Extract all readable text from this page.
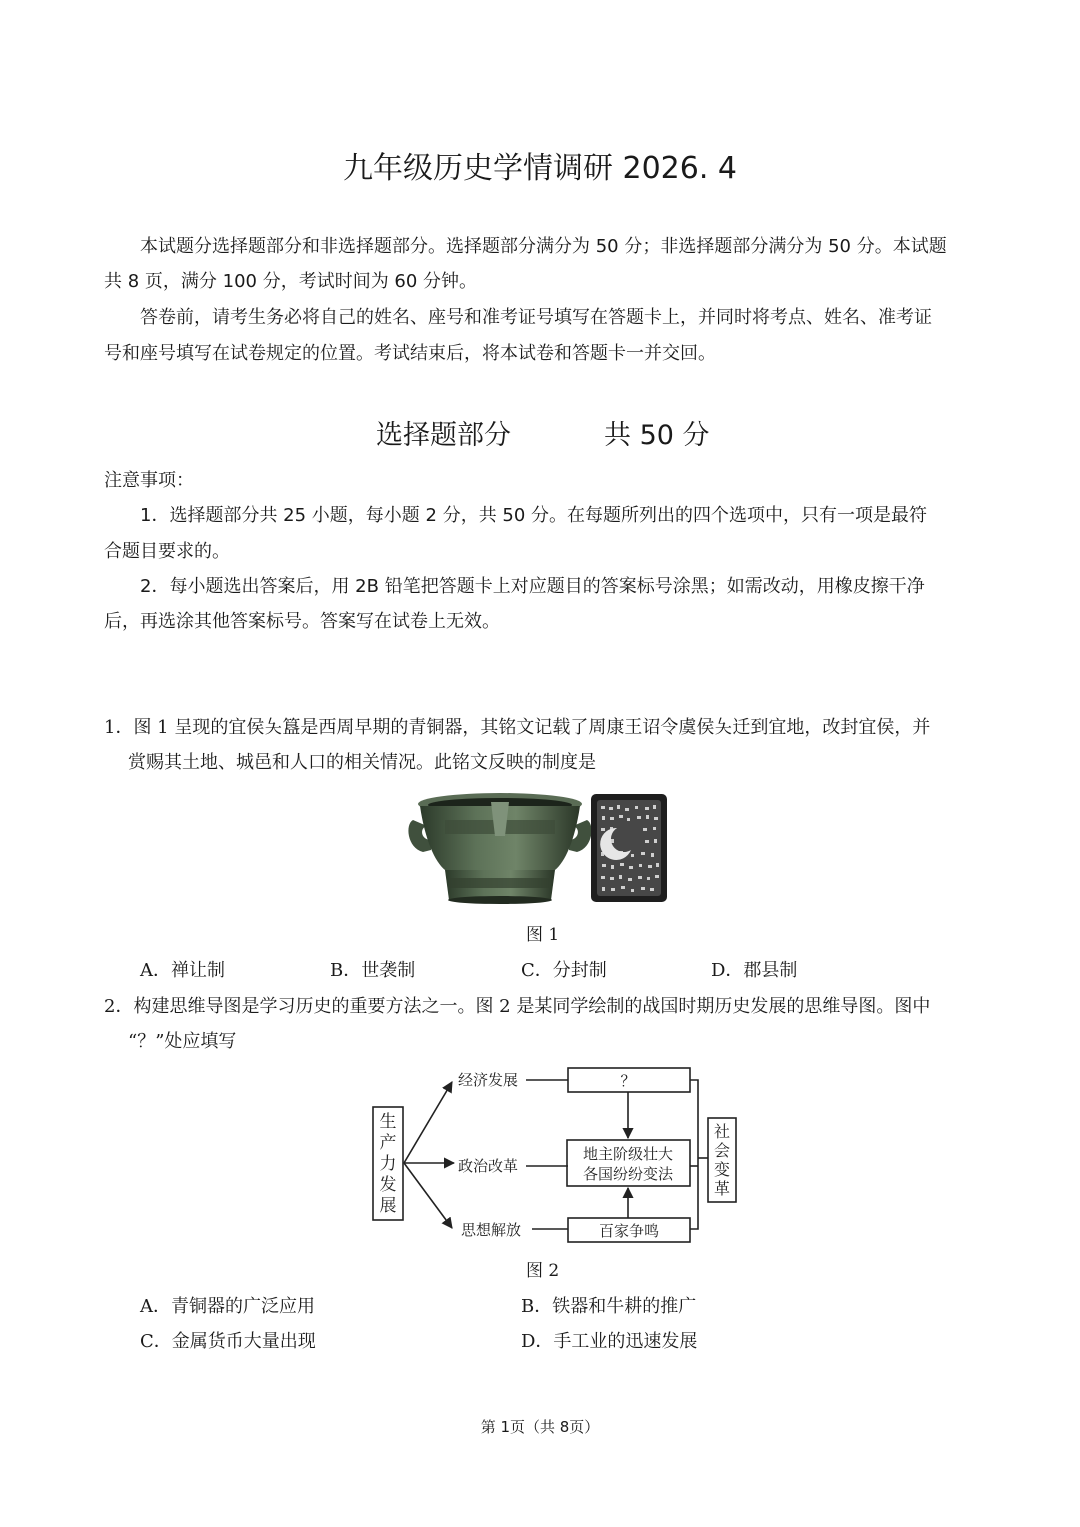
九年级历史学情调研 2026. 4
本试题分选择题部分和非选择题部分。选择题部分满分为 50 分；非选择题部分满分为 50 分。本试题
共 8 页，满分 100 分，考试时间为 60 分钟。
答卷前，请考生务必将自己的姓名、座号和准考证号填写在答题卡上，并同时将考点、姓名、准考证
号和座号填写在试卷规定的位置。考试结束后，将本试卷和答题卡一并交回。
选择题部分	共 50 分
注意事项：
1．选择题部分共 25 小题，每小题 2 分，共 50 分。在每题所列出的四个选项中，只有一项是最符
合题目要求的。
2．每小题选出答案后，用 2B 铅笔把答题卡上对应题目的答案标号涂黑；如需改动，用橡皮擦干净
后，再选涂其他答案标号。答案写在试卷上无效。
1．图 1 呈现的宜侯夨簋是西周早期的青铜器，其铭文记载了周康王诏令虞侯夨迁到宜地，改封宜侯，并
赏赐其土地、城邑和人口的相关情况。此铭文反映的制度是
图 1
A．禅让制	B．世袭制	C．分封制	D．郡县制
2．构建思维导图是学习历史的重要方法之一。图 2 是某同学绘制的战国时期历史发展的思维导图。图中
“？”处应填写
生
产
力
发
展
经济发展
政治改革
思想解放
？
地主阶级壮大
各国纷纷变法
百家争鸣
社
会
变
革
图 2
A．青铜器的广泛应用	B．铁器和牛耕的推广
C．金属货币大量出现	D．手工业的迅速发展
第 1页（共 8页）
